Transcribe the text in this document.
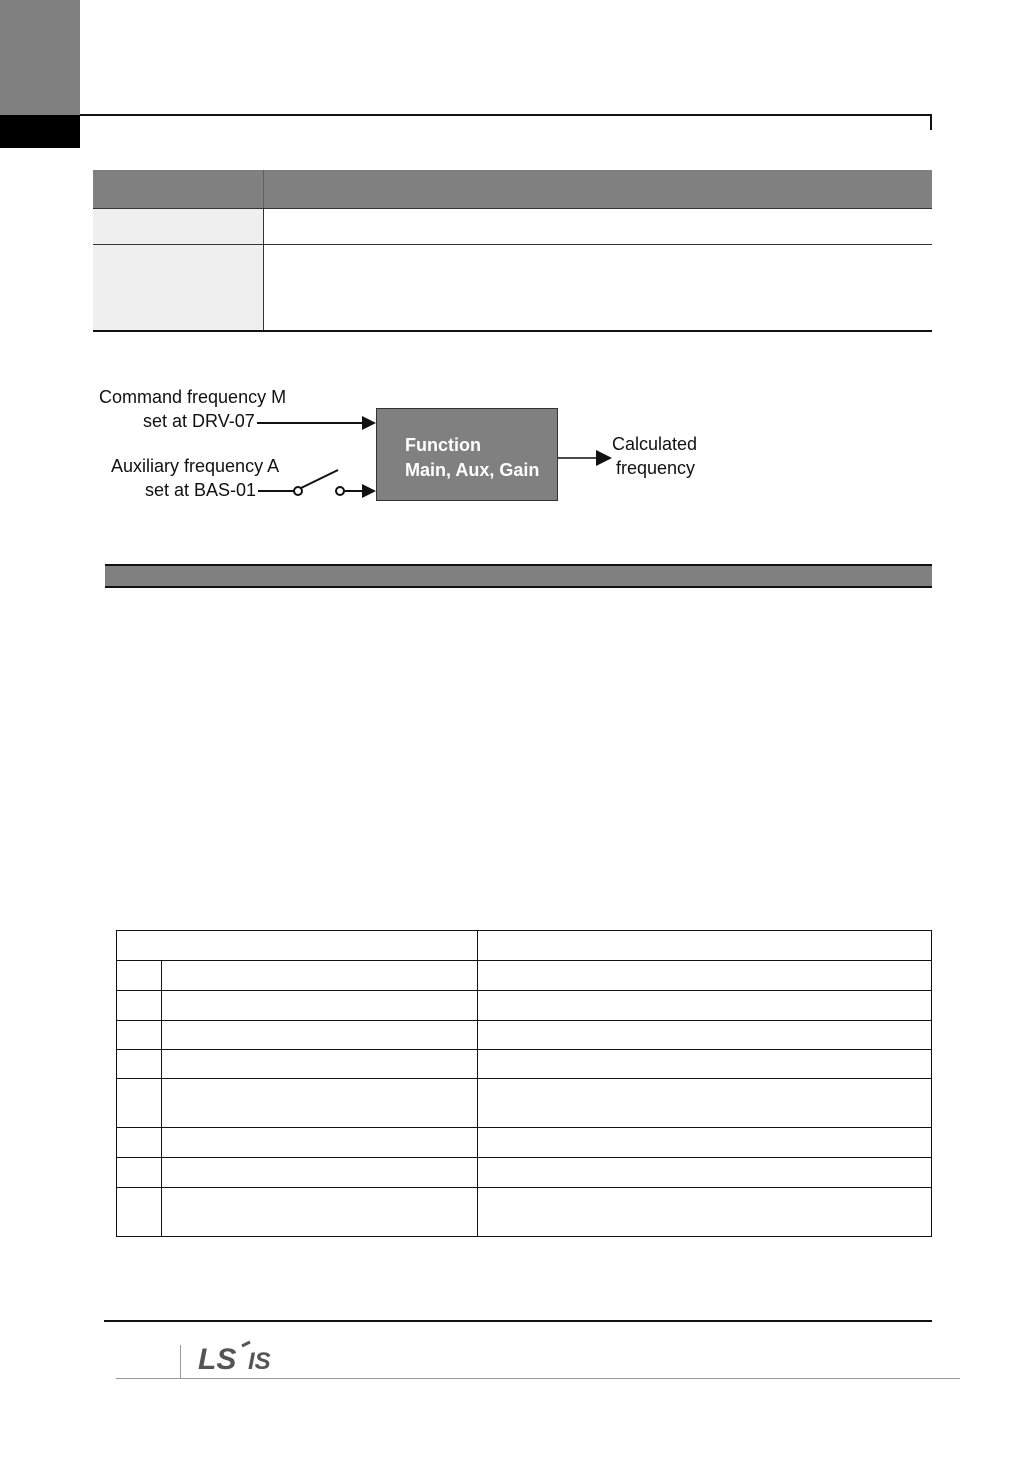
Command frequency M
set at DRV-07
Auxiliary frequency A
set at BAS-01
Function
Main, Aux, Gain
Calculated
frequency
LS IS
